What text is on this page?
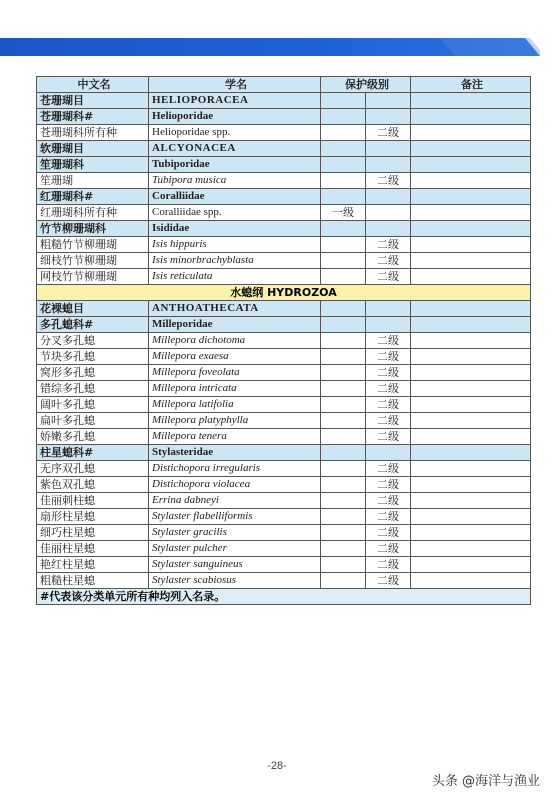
中文名	学名	保护级别		备注
苍珊瑚目	HELIOPORACEA			
苍珊瑚科#	Helioporidae			
苍珊瑚科所有种	Helioporidae spp.		二级	
软珊瑚目	ALCYONACEA			
笙珊瑚科	Tubiporidae			
笙珊瑚	Tubipora musica		二级	
红珊瑚科#	Coralliidae			
红珊瑚科所有种	Coralliidae spp.	一级		
竹节柳珊瑚科	Isididae			
粗糙竹节柳珊瑚	Isis hippuris		二级	
细枝竹节柳珊瑚	Isis minorbrachyblasta		二级	
网枝竹节柳珊瑚	Isis reticulata		二级	
水螅纲 HYDROZOA				
花裸螅目	ANTHOATHECATA			
多孔螅科#	Milleporidae			
分叉多孔螅	Millepora dichotoma		二级	
节块多孔螅	Millepora exaesa		二级	
窝形多孔螅	Millepora foveolata		二级	
错综多孔螅	Millepora intricata		二级	
阔叶多孔螅	Millepora latifolia		二级	
扁叶多孔螅	Millepora platyphylla		二级	
娇嫩多孔螅	Millepora tenera		二级	
柱星螅科#	Stylasteridae			
无序双孔螅	Distichopora irregularis		二级	
紫色双孔螅	Distichopora violacea		二级	
佳丽刺柱螅	Errina dabneyi		二级	
扇形柱星螅	Stylaster flabelliformis		二级	
细巧柱星螅	Stylaster gracilis		二级	
佳丽柱星螅	Stylaster pulcher		二级	
艳红柱星螅	Stylaster sanguineus		二级	
粗糙柱星螅	Stylaster scabiosus		二级	
#代表该分类单元所有种均列入名录。				
-28-
头条 @海洋与渔业
